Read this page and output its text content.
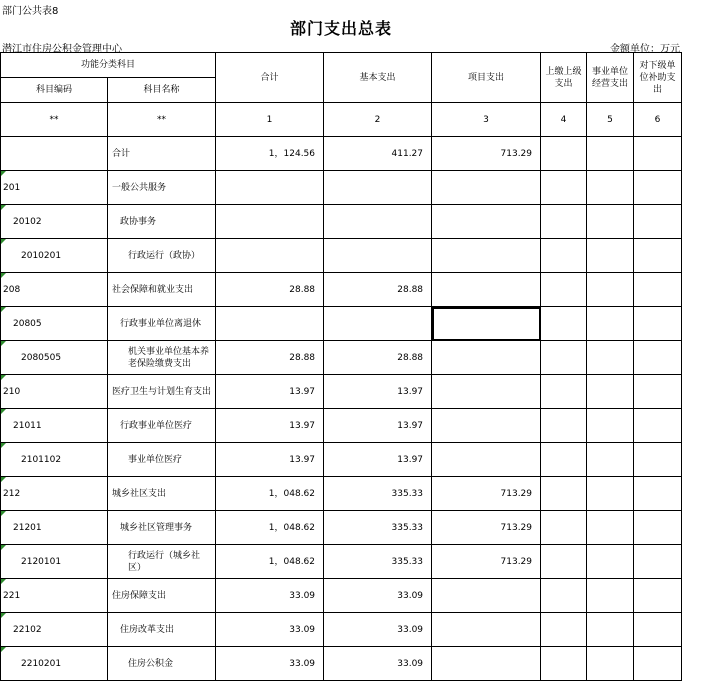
部门公共表8
部门支出总表
潜江市住房公积金管理中心	金额单位：万元
功能分类科目		合计	基本支出	项目支出	上缴上级支出	事业单位经营支出	对下级单位补助支出
科目编码	科目名称						
**	**	1	2	3	4	5	6
	合计	1，124.56	411.27	713.29			

201	一般公共服务						

20102	政协事务						

2010201	行政运行（政协）						

208	社会保障和就业支出	28.88	28.88				

20805	行政事业单位离退休						

2080505	机关事业单位基本养老保险缴费支出	28.88	28.88				

210	医疗卫生与计划生育支出	13.97	13.97				

21011	行政事业单位医疗	13.97	13.97				

2101102	事业单位医疗	13.97	13.97				

212	城乡社区支出	1，048.62	335.33	713.29			

21201	城乡社区管理事务	1，048.62	335.33	713.29			

2120101	行政运行（城乡社区）	1，048.62	335.33	713.29			

221	住房保障支出	33.09	33.09				

22102	住房改革支出	33.09	33.09				

2210201	住房公积金	33.09	33.09				
